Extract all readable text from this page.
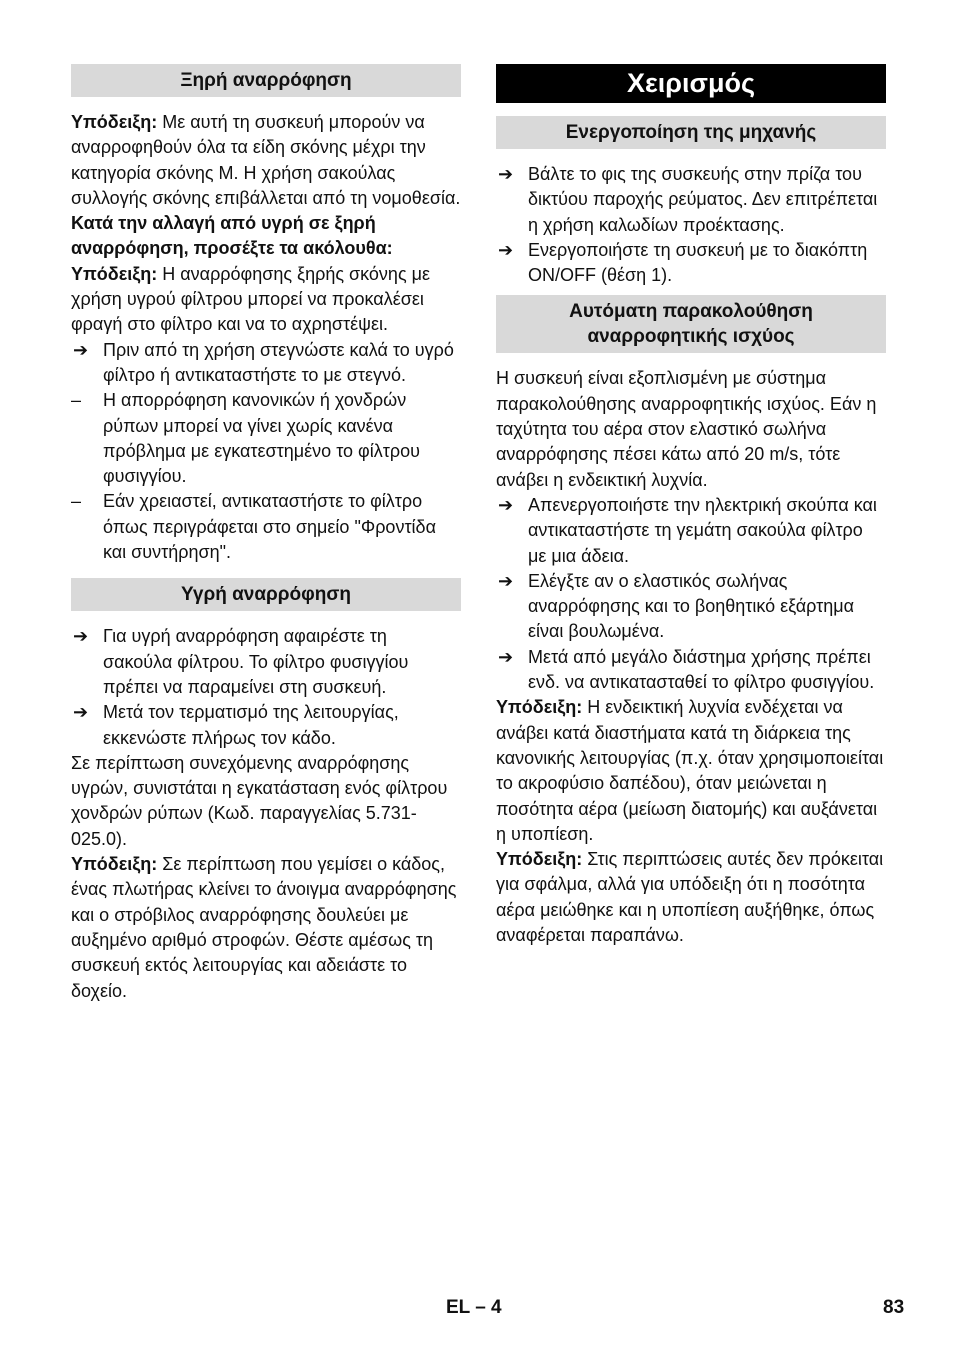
Ξηρή αναρρόφηση

Υπόδειξη: Με αυτή τη συσκευή μπορούν να αναρροφηθούν όλα τα είδη σκόνης μέχρι την κατηγορία σκόνης M. Η χρήση σακούλας συλλογής σκόνης επιβάλλεται από τη νομοθεσία.

Κατά την αλλαγή από υγρή σε ξηρή αναρρόφηση, προσέξτε τα ακόλουθα:

Υπόδειξη: Η αναρρόφησης ξηρής σκόνης με χρήση υγρού φίλτρου μπορεί να προκαλέσει φραγή στο φίλτρο και να το αχρηστέψει.

➔ Πριν από τη χρήση στεγνώστε καλά το υγρό φίλτρο ή αντικαταστήστε το με στεγνό.
–	Η απορρόφηση κανονικών ή χονδρών ρύπων μπορεί να γίνει χωρίς κανένα πρόβλημα με εγκατεστημένο το φίλτρου φυσιγγίου.
–	Εάν χρειαστεί, αντικαταστήστε το φίλτρο όπως περιγράφεται στο σημείο "Φροντίδα και συντήρηση".
Υγρή αναρρόφηση
➔ Για υγρή αναρρόφηση αφαιρέστε τη σακούλα φίλτρου. Το φίλτρο φυσιγγίου πρέπει να παραμείνει στη συσκευή.
➔ Μετά τον τερματισμό της λειτουργίας, εκκενώστε πλήρως τον κάδο.

Σε περίπτωση συνεχόμενης αναρρόφησης υγρών, συνιστάται η εγκατάσταση ενός φίλτρου χονδρών ρύπων (Κωδ. παραγγελίας 5.731-025.0).

Υπόδειξη: Σε περίπτωση που γεμίσει ο κάδος, ένας πλωτήρας κλείνει το άνοιγμα αναρρόφησης και ο στρόβιλος αναρρόφησης δουλεύει με αυξημένο αριθμό στροφών. Θέστε αμέσως τη συσκευή εκτός λειτουργίας και αδειάστε το δοχείο.

Χειρισμός
Ενεργοποίηση της μηχανής
➔ Βάλτε το φις της συσκευής στην πρίζα του δικτύου παροχής ρεύματος. Δεν επιτρέπεται η χρήση καλωδίων προέκτασης.
➔ Ενεργοποιήστε τη συσκευή με το διακόπτη ON/OFF (θέση 1).
Αυτόματη παρακολούθηση αναρροφητικής ισχύος

Η συσκευή είναι εξοπλισμένη με σύστημα παρακολούθησης αναρροφητικής ισχύος. Εάν η ταχύτητα του αέρα στον ελαστικό σωλήνα αναρρόφησης πέσει κάτω από 20 m/s, τότε ανάβει η ενδεικτική λυχνία.

➔ Απενεργοποιήστε την ηλεκτρική σκούπα και αντικαταστήστε τη γεμάτη σακούλα φίλτρο με μια άδεια.
➔ Ελέγξτε αν ο ελαστικός σωλήνας αναρρόφησης και το βοηθητικό εξάρτημα είναι βουλωμένα.
➔ Μετά από μεγάλο διάστημα χρήσης πρέπει ενδ. να αντικατασταθεί το φίλτρο φυσιγγίου.

Υπόδειξη: Η ενδεικτική λυχνία ενδέχεται να ανάβει κατά διαστήματα κατά τη διάρκεια της κανονικής λειτουργίας (π.χ. όταν χρησιμοποιείται το ακροφύσιο δαπέδου), όταν μειώνεται η ποσότητα αέρα (μείωση διατομής) και αυξάνεται η υποπίεση.

Υπόδειξη: Στις περιπτώσεις αυτές δεν πρόκειται για σφάλμα, αλλά για υπόδειξη ότι η ποσότητα αέρα μειώθηκε και η υποπίεση αυξήθηκε, όπως αναφέρεται παραπάνω.

EL – 4	83
